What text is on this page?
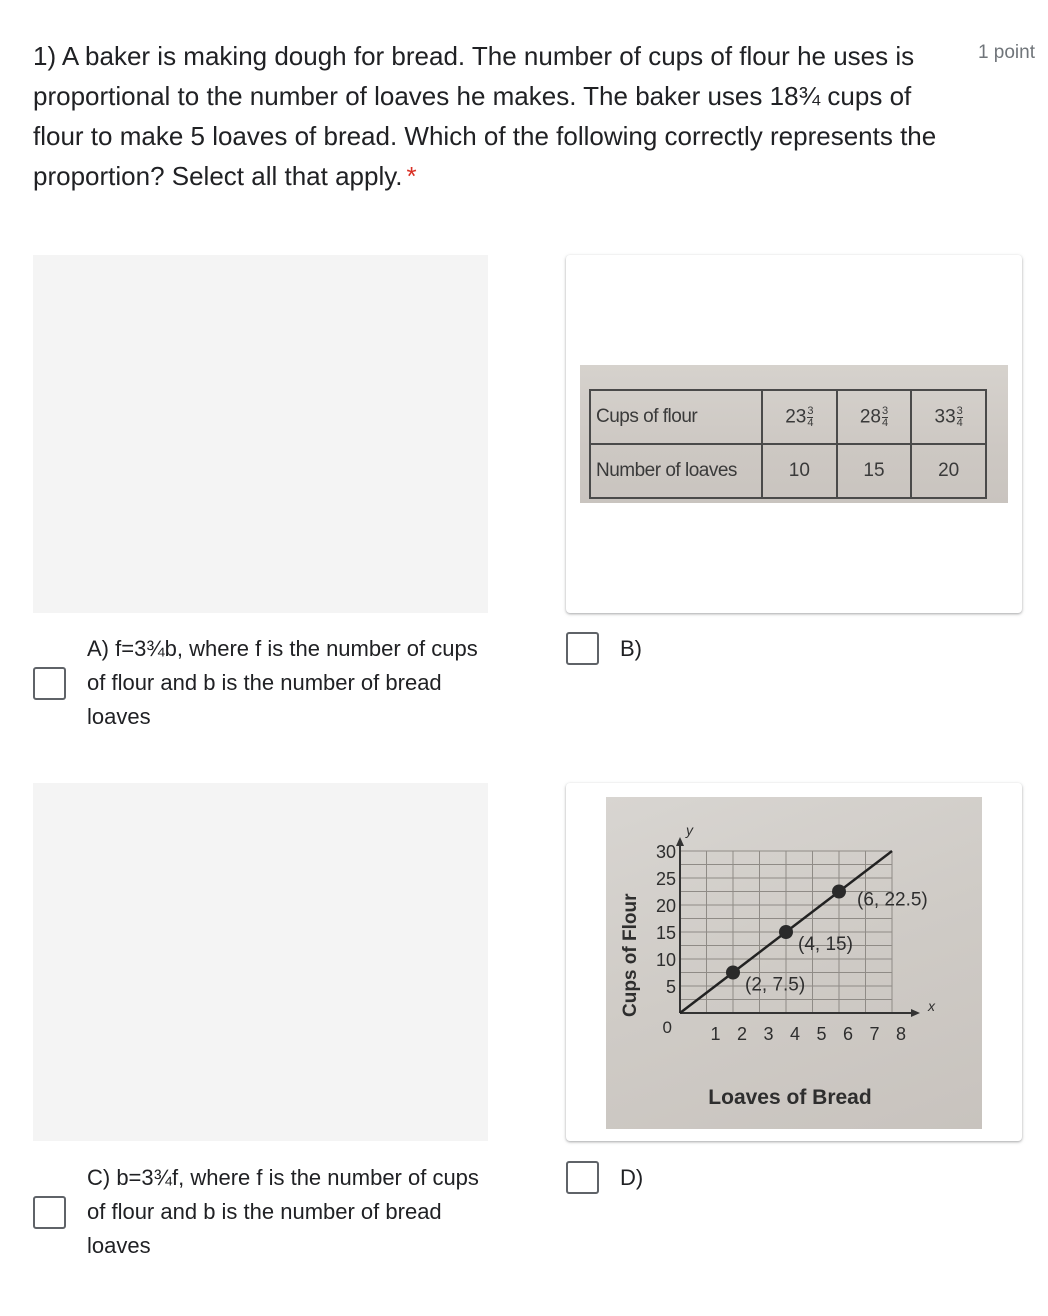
1) A baker is making dough for bread. The number of cups of flour he uses is proportional to the number of loaves he makes. The baker uses 18¾ cups of flour to make 5 loaves of bread. Which of the following correctly represents the proportion? Select all that apply. *
1 point
Cups of flour	$23 \frac{3}{4}$	$28 \frac{3}{4}$	$33 \frac{3}{4}$

Number of loaves	10	15	20
A) f=3¾b, where f is the number of cups of flour and b is the number of bread loaves
B)
y
x
0
5
10
15
20
25
30
1 2 3 4 5 6 7 8
(2, 7.5)
(4, 15)
(6, 22.5)
Cups of Flour
Loaves of Bread
C) b=3¾f, where f is the number of cups of flour and b is the number of bread loaves
D)
